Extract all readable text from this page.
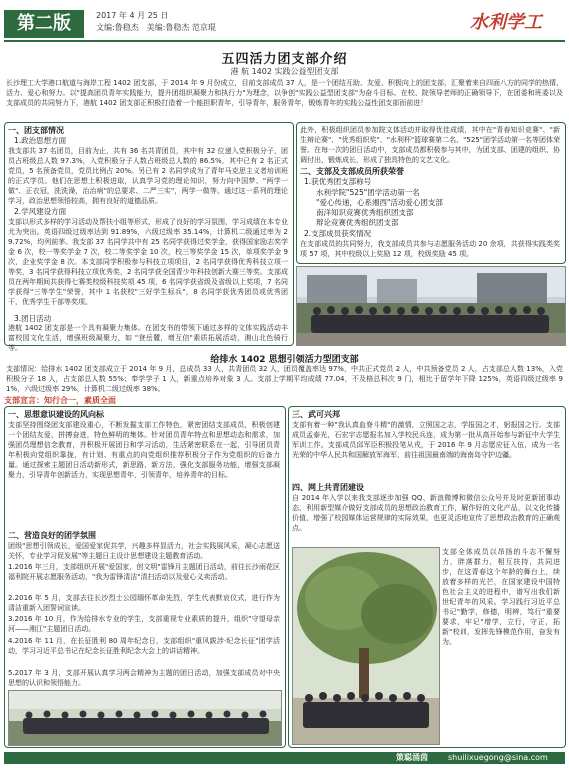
第二版	2017 年 4 月 25 日
文编:鲁稳杰　美编:鲁稳杰 范京琨	水利学工
五四活力团支部介绍
港 航 1402 实践公益型团支部
长沙理工大学港口航道与海岸工程 1402 团支部，于 2014 年 9 月份成立，目前支部成员 37 人，是一个团结互助、友爱、积极向上的团支部，汇聚着来自四面八方的同学的热情、活力、爱心和努力。以"提高团员青年实践能力，提升团组织凝聚力和执行力"为理念，以争创"实践公益型团支部"为奋斗目标。在校、院领导老师的正确领导下，在团委和班委以及支部成员的共同努力下，港航 1402 团支部正积极打造着一个能担职青年，引导青年，服务青年，锻炼青年的实践公益性团支部而前进！
一、团支部情况
1.政治思想方面
我支部共 37 名团员，目前为止，共有 36 名共青团员，其中有 32 位递入党积极分子，团员占班级总人数 97.3%，入党积极分子人数占班级总人数的 86.5%，其中已有 2 名正式党员，5 名预备党员，党员比例占 20%。另已有 2 名同学成为了青年马克思主义者培训班的正式学员。他们在思想上积极进取，认真学习党的理论知识，努力向中国梦、"两学一做"、正衣冠，洗洗澡，治治病"的总要求、二严三实"，两学一做等。通过这一系列的理论学习，政治思想领悟较高，拥有良好的道德品质。
2.学风建设方面
支部以形式多样的学习活动及帮扶小组等形式，形成了良好的学习氛围，学习成绩在本专业尤为突出。英语四级过级率达到 91.89%，六级过级率 35.14%，计算机二级通过率为 29.72%，均列前茅。我支部 37 名同学共中有 25 名同学获得过奖学金，获得国家励志奖学金 6 次，校一等奖学金 7 次，校二等奖学金 10 次，校三等奖学金 15 次，单项奖学金 9 次，企业奖学金 8 次。本支部同学积极参与科技立项项目，2 名同学获得优秀科技立项一等奖，3 名同学获得科技立项优秀奖，2 名同学获全国青少年科技创新大赛三等奖。支部成员在两年期间共获得七赛类校级科技奖项 45 项，6 名同学获省级及省级以上奖项，7 名同学获得"三等学生"荣誉，其中 1 名获校"三好学生标兵"，8 名同学获优秀团员或优秀团干，优秀学生干部等奖项。
3.团日活动
港航 1402 团支部是一个具有凝聚力集体。在团支书的带领下通过多样的文体实践活动丰富校园文化生活，增强班级凝聚力，如 "登岳麓，增互信"素质拓展活动，湘山北色骑行等。
此外，积极组织团员参加院文体活动并取得优佳成绩，其中在"青春知识竞赛"、"新生辩论赛"、"优秀组织奖"、"水利杯"篮球赛第二名、"525"团学活动第一名等团体荣誉。在每一次的团日活动中，支部成员都积极参与其中，为团支部、团建的组织、协调付出，锻炼成长，形成了独具特色的文艺文化。
二、支部及支部成员所获荣誉
1.获优秀团支部称号
水利学院"525"团学活动第一名
"爱心传递，心系湘西"活动爱心团支部
南洋知识竞赛优秀组织团支部
辩论竞赛优秀组织团支部
2.支部成员获奖情况
在支部成员的共同努力，我支部成员共参与志愿服务活动 20 余项，共获得实践类奖项 57 项，其中校级以上奖励 12 项，校级奖励 45 项。
给排水 1402 思想引领活力型团支部
支部情况：给排水 1402 团支部成立于 2014 年 9 月，总成员 33 人，共青团员 32 人，团员覆盖率达 97%，中共正式党员 2 人，中共预备党员 2 人，占支部总人数 13%，入党积极分子 18 人，占支部总人数 55%；奉学学子 1 人，新重点培养对象 3 人。支部上学期平均成绩 77.04，不及格总科次 9 门，相比于留学年下降 125%，英语四级过级率 91%，六级过级率 29%，计算机二级过级率 38%。
支部宣言：知行合一，素质全面
一、思想意识建设的风向标
支部坚持围绕团支部建设重心，不断发掘支部工作特色，紧密团结支部成员，积极创建一个团结友爱，拼搏奋进，特色鲜明的集体。针对团员青年特点和思想动态和需求，加强团员理想信念教育，并积极开展团日和学习活动，生活紧密联系在一起，引导团员青年积极向党组织靠拢，有计划、有重点的向党组织推荐积极分子作为党组织的后备力量。通过探索主题团日活动新形式，新思路，新方法，强化支部服务功能，增强支部凝聚力，引导青年创新活力，实现思想青年，引领青年，培养青年的目标。
二、营造良好的团学氛围
团级"思想引领成长，爱国爱家促共学，兴趣多样显活力，社会实践展风采，凝心志愿送关怀，专业学习促发展"等主题日主设计思想建设主题教育活动。
1.2016 年三月，支部组织开展"爱国家，创文明"雷锋月主题团日活动，前往长沙雨花区福利院开展志愿服务活动，"我为雷锋清洁"清扫活动以及爱心义卖活动。
2.2016 年 5 月，支部去往长沙烈士公园缅怀革命先烈，学生代表默哀仪式，进行作为清洁重新入团誓词宣读。
3.2016 年 10 月，作为给排水专业的学生，支部重视专业素质的提升，组织"守望母亲河——湘江"主题团日活动。
4.2016 年 11 月，在长征胜利 80 周年纪念日，支部组织"重风跋涉·纪念长征"团学活动，学习习近平总书记在纪念长征胜利纪念大会上的讲话精神。
5.2017 年 3 月，支部开展认真学习两会精神为主题的团日活动，加强支部成员对中央思想的认识和领悟能力。
三、武可兴邦
支部有着一种"我认真血脊斗精"的激情，立照国之志，学报国之才，躬报国之行。支部成员孟泰光，石宏宇志愿报名加入学校民兵连，成为第一批从高开始参与新征中大学生军训工作。支部成员邱军臣积极投笔从戎，于 2016 年 9 月志愿应征入伍，成为一名光荣的中华人民共和国解放军海军，前往祖国最南端的海南岛守护边疆。
四、网上共青团建设
自 2014 年入学以来我支部逐步加强 QQ、新浪微博和微信公众号并及时更新团事动态，利用新型媒介做好支部成员的思想政治教育工作，解作好的文化产品，以文化传播价值，增强了校园媒体运营规律的实际效果，也更灵活地宣传了思想政治教育的正确观点。
支部全体成员以昂扬的斗志不懈努力，胖落群力，相互扶持，共同进步，在这青春这个年龄的舞台上，续放着多样的光芒，在国家建设中国特色社会主义的进程中，谱写出我们新世纪青年的风采。学习践行习近平总书记"勤学，修德，明辨，笃行"重要要求，牢记"增学，立行，守正，拓新"校训，发挥先锋模范作用，奋发有为。
策聪涌茵	shuilixuegong@sina.com
